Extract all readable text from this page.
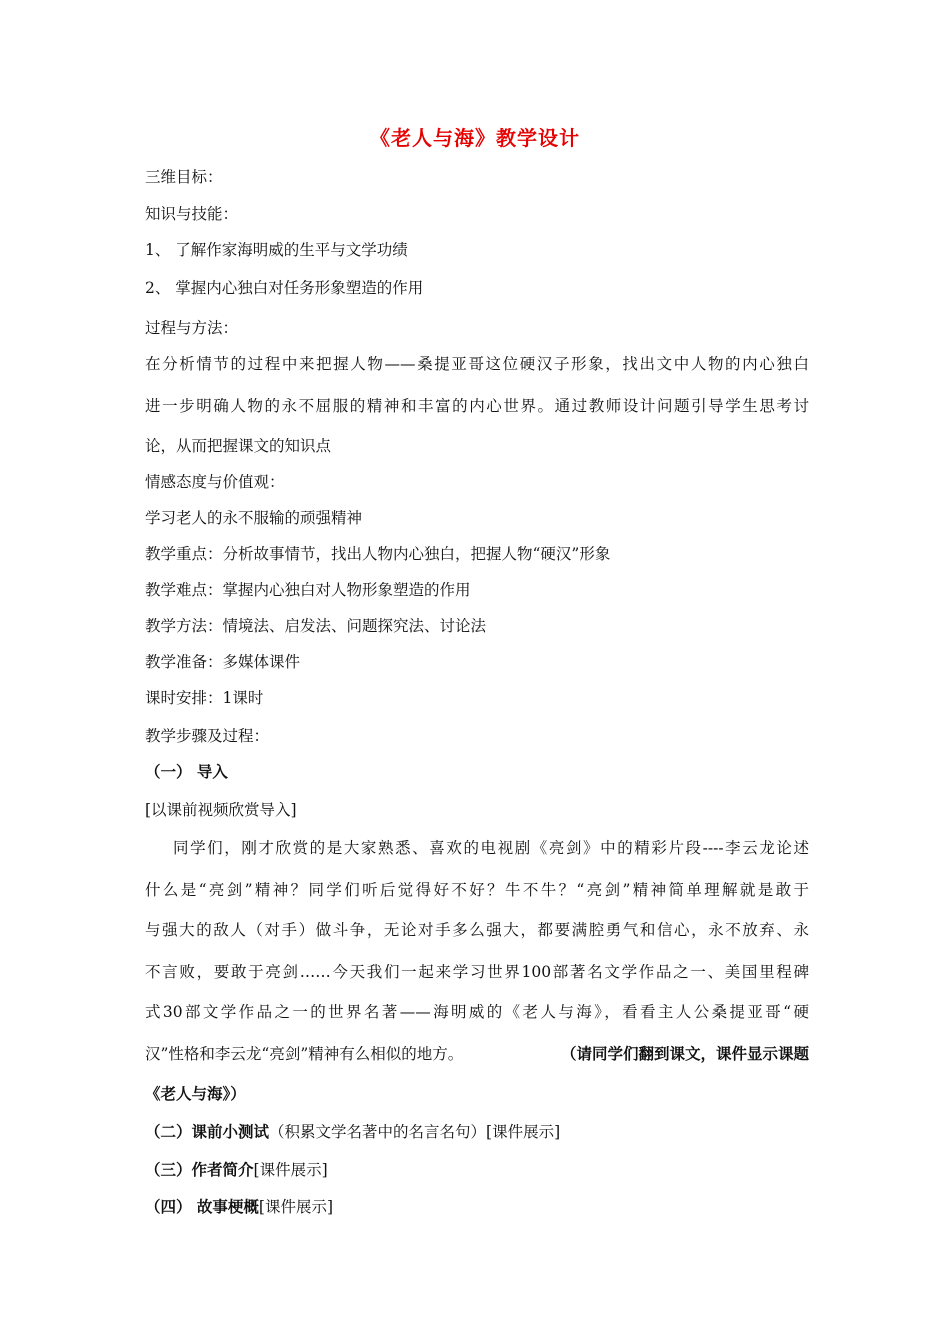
《老人与海》教学设计
三维目标：
知识与技能：
1、 了解作家海明威的生平与文学功绩
2、 掌握内心独白对任务形象塑造的作用
过程与方法：
在分析情节的过程中来把握人物——桑提亚哥这位硬汉子形象，找出文中人物的内心独白
进一步明确人物的永不屈服的精神和丰富的内心世界。通过教师设计问题引导学生思考讨
论，从而把握课文的知识点
情感态度与价值观：
学习老人的永不服输的顽强精神
教学重点：分析故事情节，找出人物内心独白，把握人物“硬汉”形象
教学难点：掌握内心独白对人物形象塑造的作用
教学方法：情境法、启发法、问题探究法、讨论法
教学准备：多媒体课件
课时安排：1课时
教学步骤及过程：
（一） 导入
[以课前视频欣赏导入]
同学们，刚才欣赏的是大家熟悉、喜欢的电视剧《亮剑》中的精彩片段----李云龙论述
什么是“亮剑”精神？同学们听后觉得好不好？牛不牛？“亮剑”精神简单理解就是敢于
与强大的敌人（对手）做斗争，无论对手多么强大，都要满腔勇气和信心，永不放弃、永
不言败，要敢于亮剑……今天我们一起来学习世界100部著名文学作品之一、美国里程碑
式30部文学作品之一的世界名著——海明威的《老人与海》，看看主人公桑提亚哥“硬
汉”性格和李云龙“亮剑”精神有么相似的地方。	（请同学们翻到课文，课件显示课题
《老人与海》）
（二）课前小测试（积累文学名著中的名言名句）[课件展示]
（三）作者简介[课件展示]
（四） 故事梗概[课件展示]
